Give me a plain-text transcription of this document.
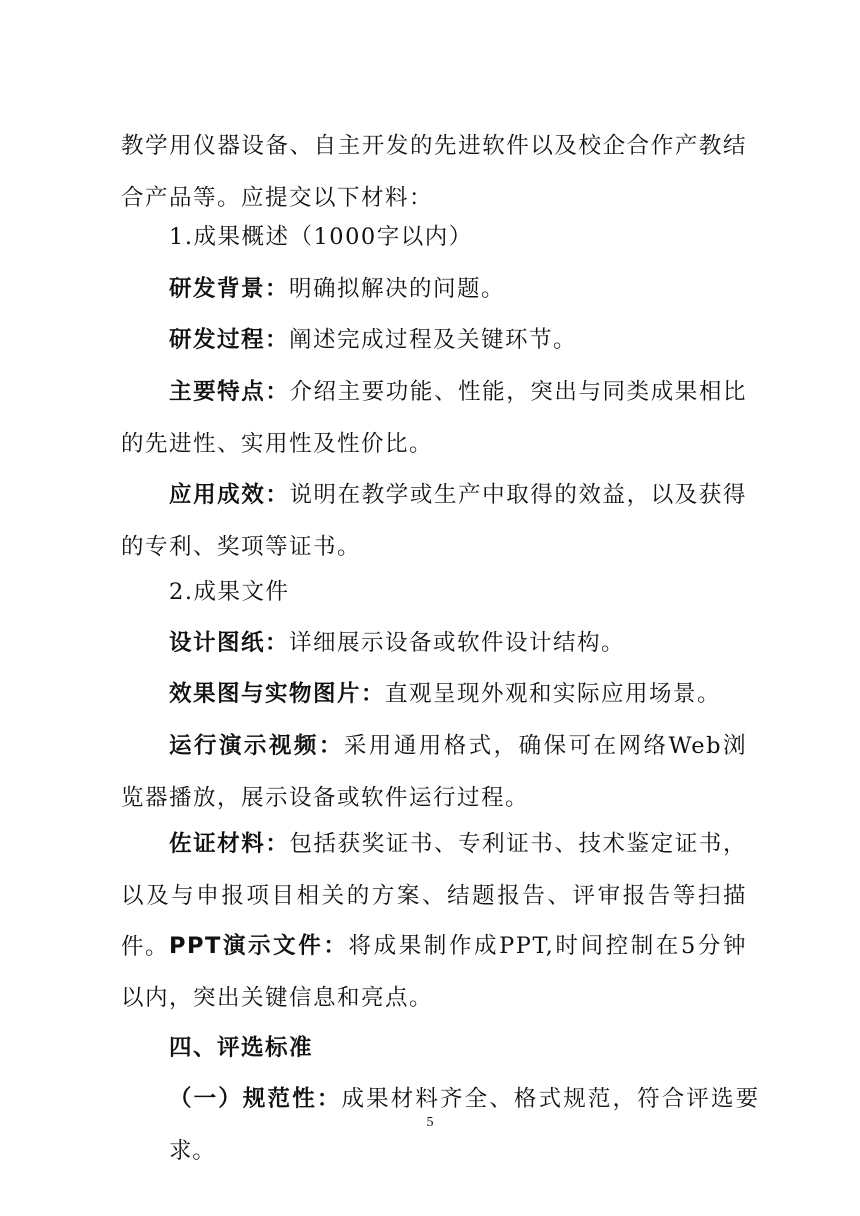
教学用仪器设备、自主开发的先进软件以及校企合作产教结合产品等。应提交以下材料：
1.成果概述（1000字以内）
研发背景：明确拟解决的问题。
研发过程：阐述完成过程及关键环节。
主要特点：介绍主要功能、性能，突出与同类成果相比的先进性、实用性及性价比。
应用成效：说明在教学或生产中取得的效益，以及获得的专利、奖项等证书。
2.成果文件
设计图纸：详细展示设备或软件设计结构。
效果图与实物图片：直观呈现外观和实际应用场景。
运行演示视频：采用通用格式，确保可在网络Web浏览器播放，展示设备或软件运行过程。
佐证材料：包括获奖证书、专利证书、技术鉴定证书，以及与申报项目相关的方案、结题报告、评审报告等扫描件。 PPT演示文件：将成果制作成PPT,时间控制在5分钟以内，突出关键信息和亮点。
四、评选标准
（一）规范性：成果材料齐全、格式规范，符合评选要求。
5
